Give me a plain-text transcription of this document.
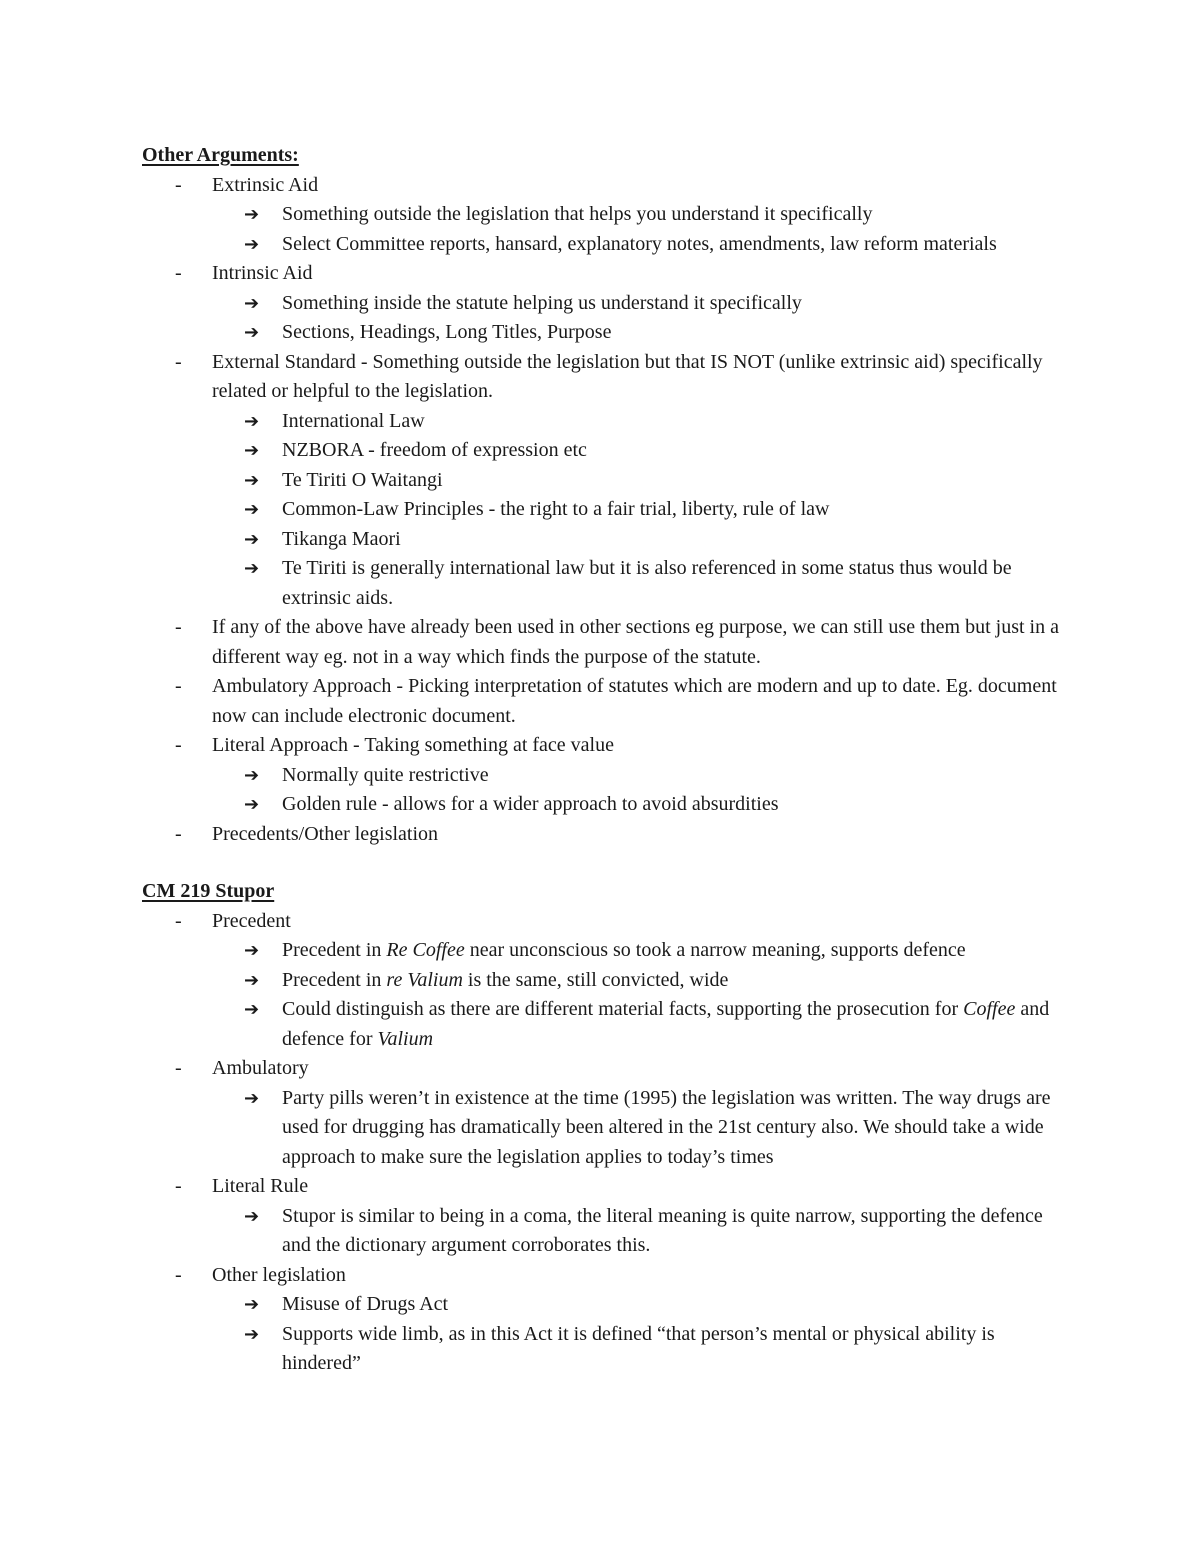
Other Arguments:
- Extrinsic Aid
➔ Something outside the legislation that helps you understand it specifically
➔ Select Committee reports, hansard, explanatory notes, amendments, law reform materials
- Intrinsic Aid
➔ Something inside the statute helping us understand it specifically
➔ Sections, Headings, Long Titles, Purpose
- External Standard - Something outside the legislation but that IS NOT (unlike extrinsic aid) specifically related or helpful to the legislation.
➔ International Law
➔ NZBORA - freedom of expression etc
➔ Te Tiriti O Waitangi
➔ Common-Law Principles - the right to a fair trial, liberty, rule of law
➔ Tikanga Maori
➔ Te Tiriti is generally international law but it is also referenced in some status thus would be extrinsic aids.
- If any of the above have already been used in other sections eg purpose, we can still use them but just in a different way eg. not in a way which finds the purpose of the statute.
- Ambulatory Approach - Picking interpretation of statutes which are modern and up to date. Eg. document now can include electronic document.
- Literal Approach - Taking something at face value
➔ Normally quite restrictive
➔ Golden rule - allows for a wider approach to avoid absurdities
- Precedents/Other legislation
CM 219 Stupor
- Precedent
➔ Precedent in Re Coffee near unconscious so took a narrow meaning, supports defence
➔ Precedent in re Valium is the same, still convicted, wide
➔ Could distinguish as there are different material facts, supporting the prosecution for Coffee and defence for Valium
- Ambulatory
➔ Party pills weren’t in existence at the time (1995) the legislation was written. The way drugs are used for drugging has dramatically been altered in the 21st century also. We should take a wide approach to make sure the legislation applies to today’s times
- Literal Rule
➔ Stupor is similar to being in a coma, the literal meaning is quite narrow, supporting the defence and the dictionary argument corroborates this.
- Other legislation
➔ Misuse of Drugs Act
➔ Supports wide limb, as in this Act it is defined “that person’s mental or physical ability is hindered”
